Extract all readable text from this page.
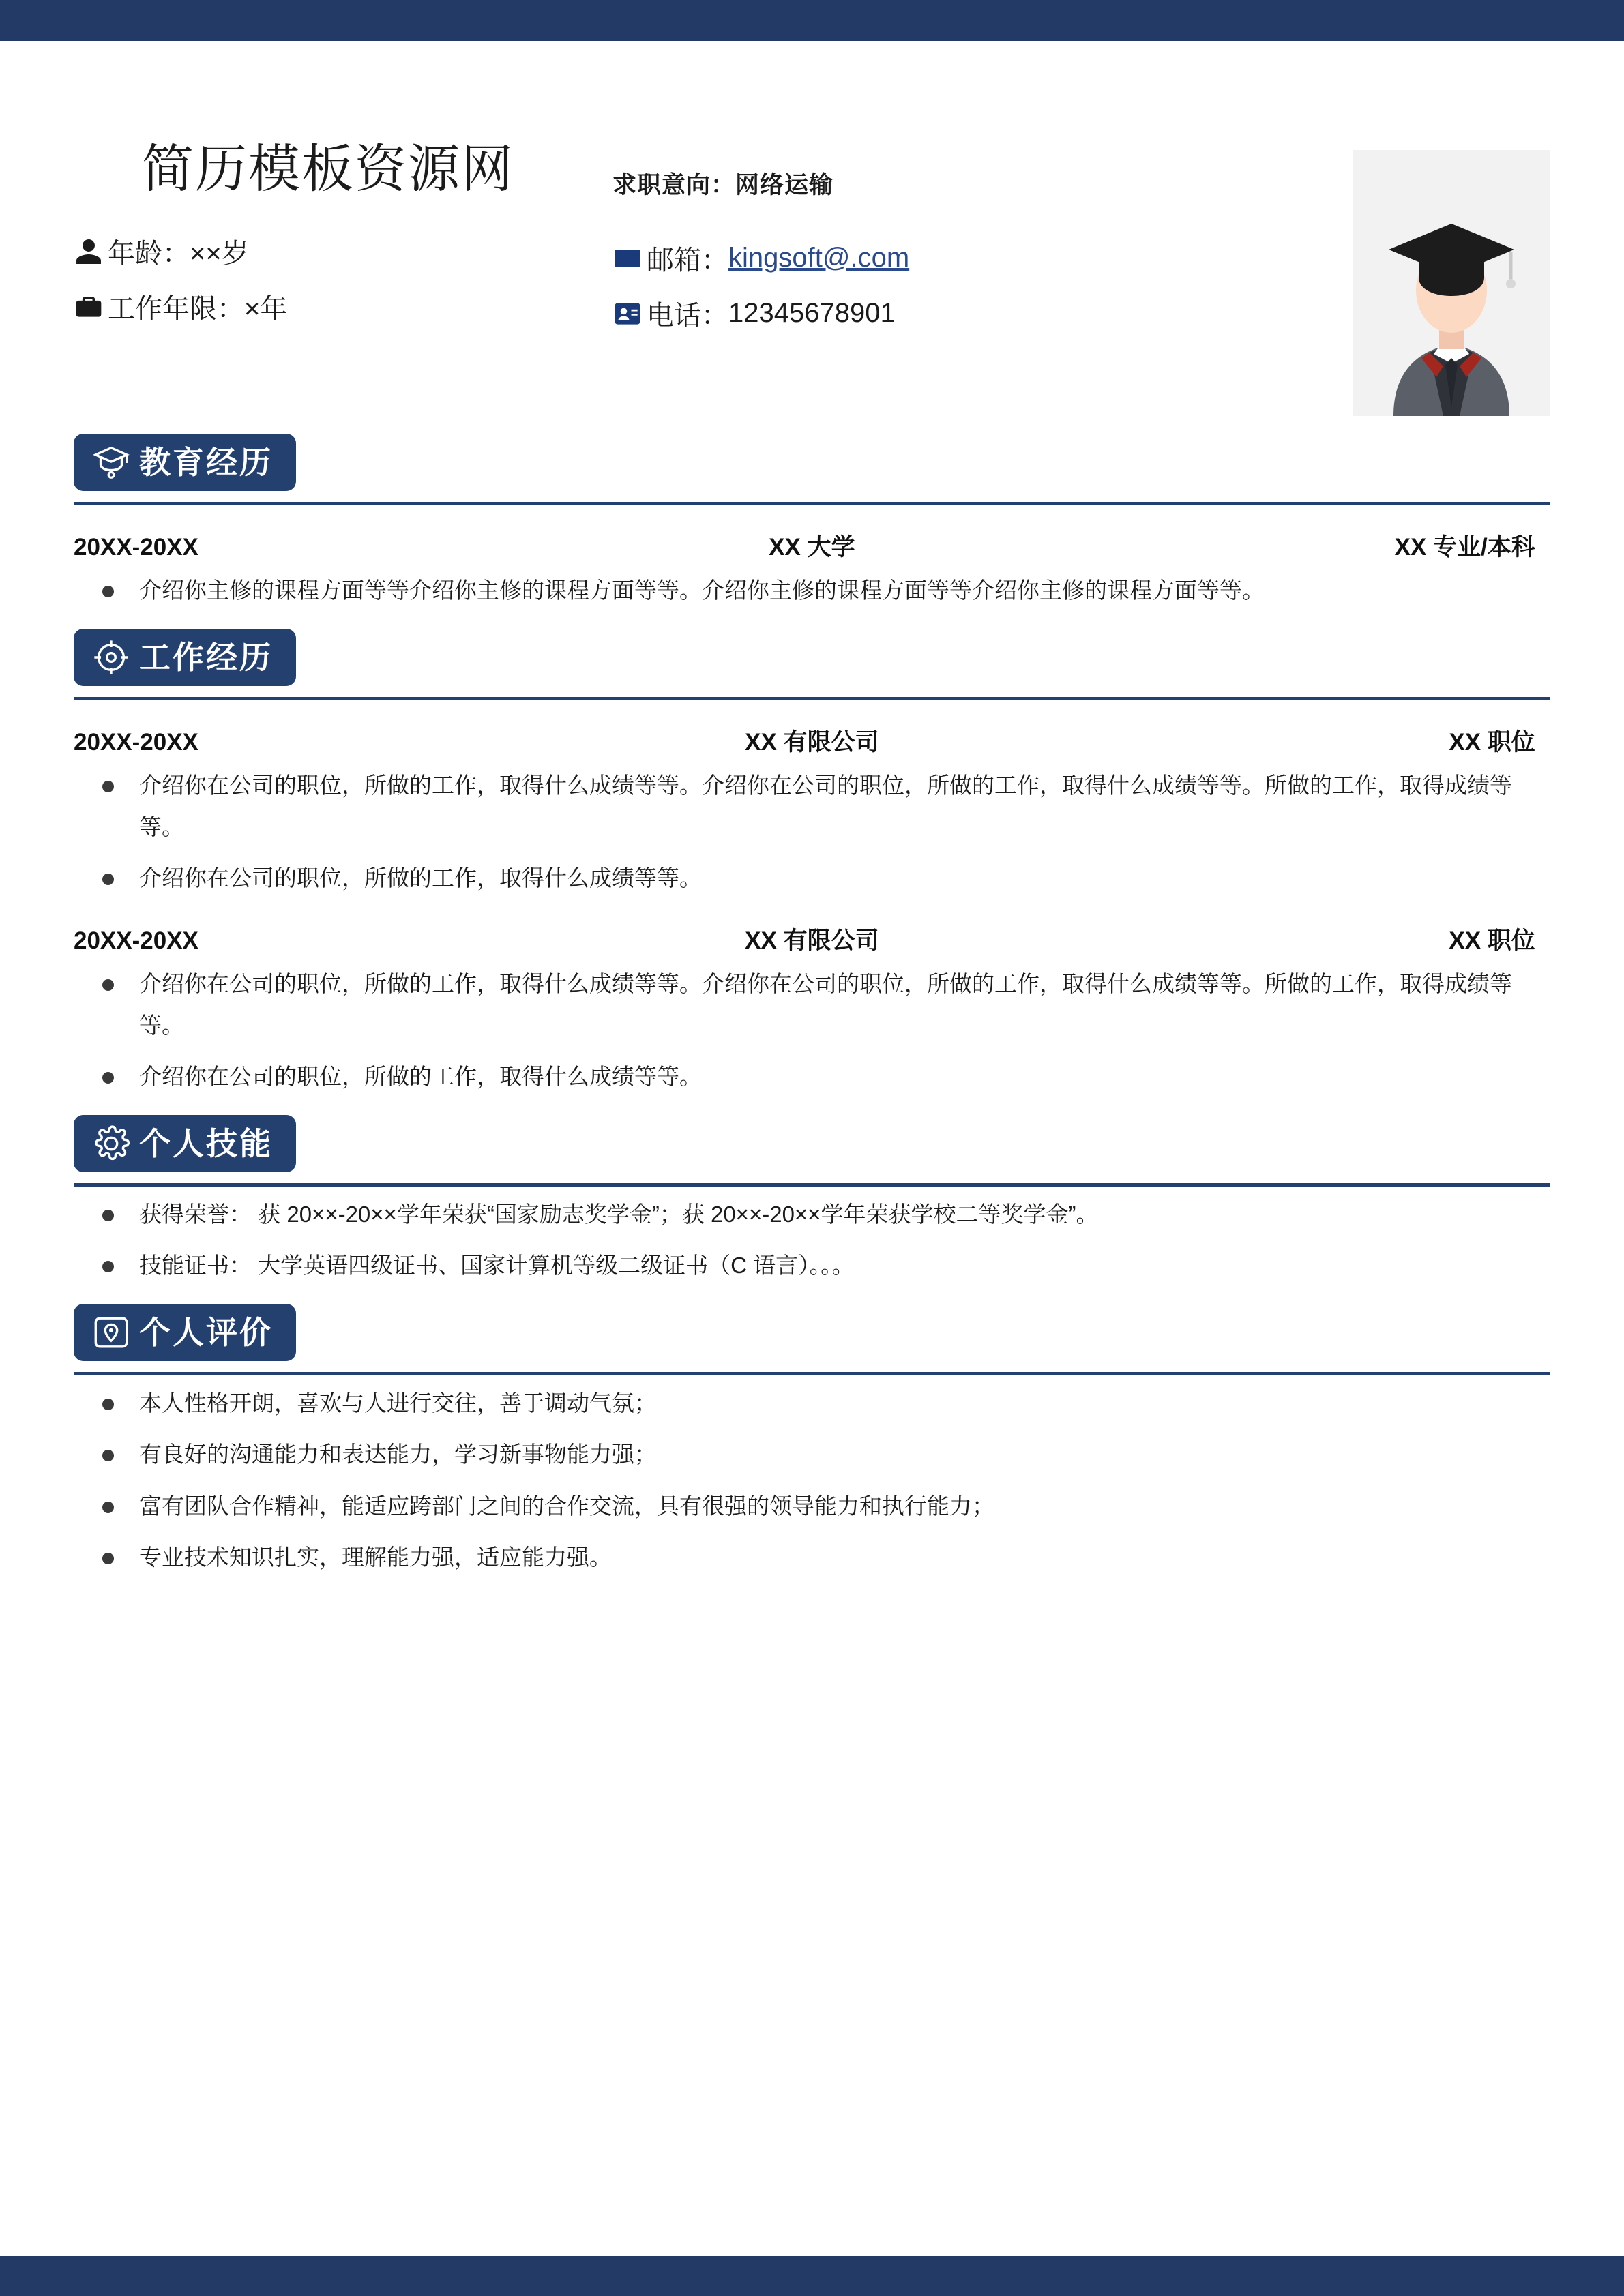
简历模板资源网
年龄： ××岁
工作年限： ×年
求职意向：网络运输
邮箱： kingsoft@.com
电话： 12345678901
教育经历
20XX-20XX	XX 大学	XX 专业/本科
介绍你主修的课程方面等等介绍你主修的课程方面等等。介绍你主修的课程方面等等介绍你主修的课程方面等等。
工作经历
20XX-20XX	XX 有限公司	XX 职位
介绍你在公司的职位，所做的工作，取得什么成绩等等。介绍你在公司的职位，所做的工作，取得什么成绩等等。所做的工作，取得成绩等等。
介绍你在公司的职位，所做的工作，取得什么成绩等等。
20XX-20XX	XX 有限公司	XX 职位
介绍你在公司的职位，所做的工作，取得什么成绩等等。介绍你在公司的职位，所做的工作，取得什么成绩等等。所做的工作，取得成绩等等。
介绍你在公司的职位，所做的工作，取得什么成绩等等。
个人技能
获得荣誉： 获 20××-20××学年荣获“国家励志奖学金”；获 20××-20××学年荣获学校二等奖学金”。
技能证书： 大学英语四级证书、国家计算机等级二级证书（C 语言）。。。
个人评价
本人性格开朗，喜欢与人进行交往，善于调动气氛；
有良好的沟通能力和表达能力，学习新事物能力强；
富有团队合作精神，能适应跨部门之间的合作交流，具有很强的领导能力和执行能力；
专业技术知识扎实，理解能力强，适应能力强。
